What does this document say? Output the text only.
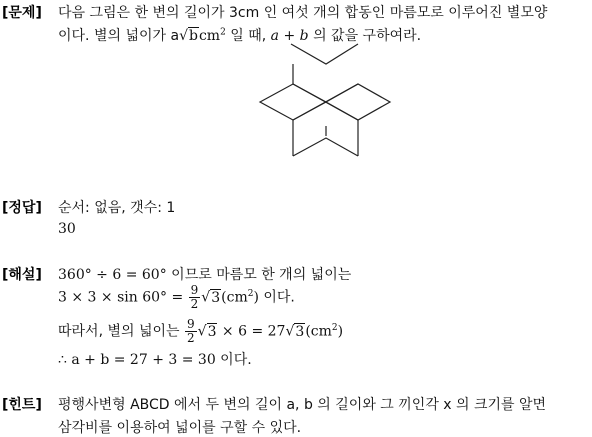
[문제] 다음 그림은 한 변의 길이가 3cm 인 여섯 개의 합동인 마름모로 이루어진 별모양
이다. 별의 넓이가 a√bcm$^2$ 일 때, a + b 의 값을 구하여라.
[정답] 순서: 없음, 갯수: 1
30
[해설] 360° ÷ 6 = 60° 이므로 마름모 한 개의 넓이는
$3 \times 3 \times \sin 60^\circ = \frac{9}{2} √3(cm^2)$ 이다.
따라서, 별의 넓이는 $\frac{9}{2} √3 \times 6 = 27√3(cm^2)$
∴ a + b = 27 + 3 = 30 이다.
[힌트] 평행사변형 ABCD 에서 두 변의 길이 a, b 의 길이와 그 끼인각 x 의 크기를 알면
삼각비를 이용하여 넓이를 구할 수 있다.
